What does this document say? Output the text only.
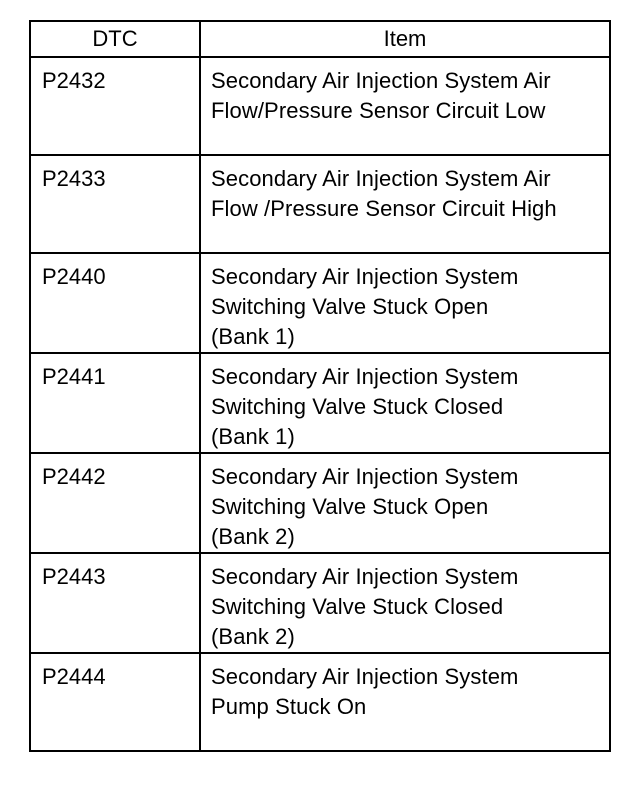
DTC	Item
P2432	Secondary Air Injection System Air
Flow/Pressure Sensor Circuit Low
P2433	Secondary Air Injection System Air
Flow /Pressure Sensor Circuit High
P2440	Secondary Air Injection System
Switching Valve Stuck Open
(Bank 1)
P2441	Secondary Air Injection System
Switching Valve Stuck Closed
(Bank 1)
P2442	Secondary Air Injection System
Switching Valve Stuck Open
(Bank 2)
P2443	Secondary Air Injection System
Switching Valve Stuck Closed
(Bank 2)
P2444	Secondary Air Injection System
Pump Stuck On
